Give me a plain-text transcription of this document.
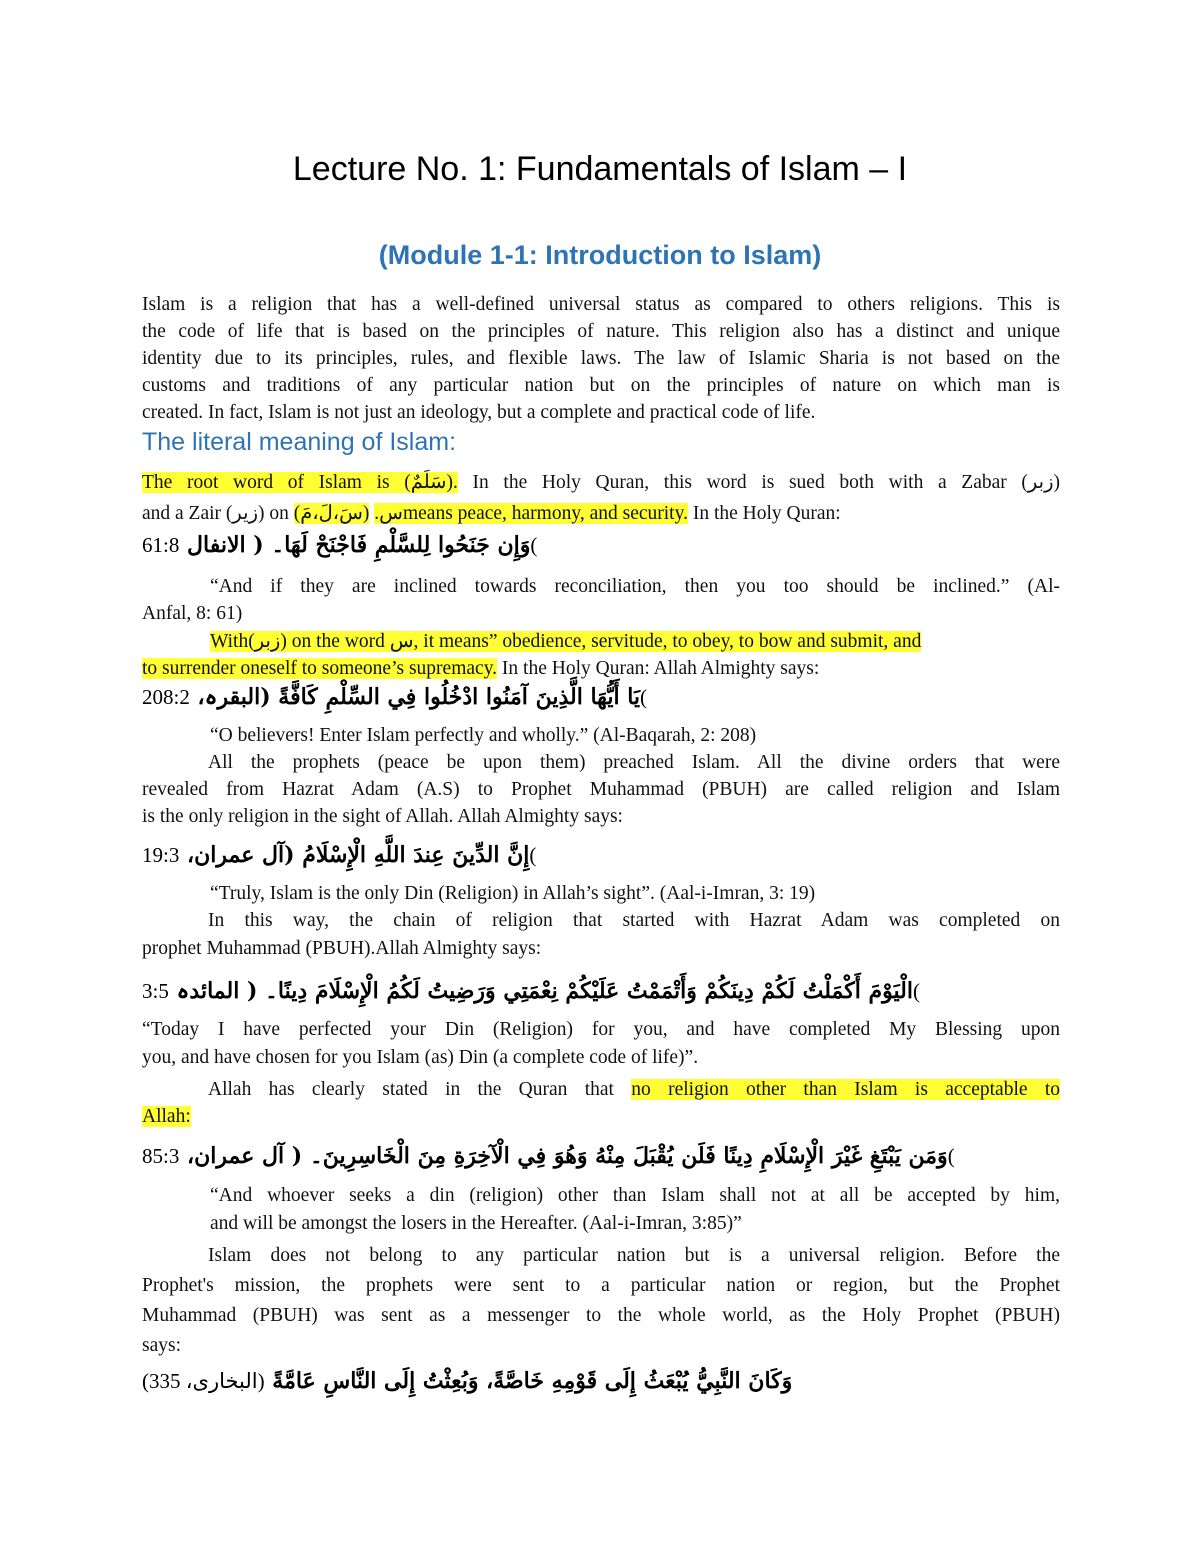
Lecture No. 1: Fundamentals of Islam – I
(Module 1-1: Introduction to Islam)

Islam is a religion that has a well-defined universal status as compared to others religions. This is

the code of life that is based on the principles of nature. This religion also has a distinct and unique

identity due to its principles, rules, and flexible laws. The law of Islamic Sharia is not based on the

customs and traditions of any particular nation but on the principles of nature on which man is

created. In fact, Islam is not just an ideology, but a complete and practical code of life.

The literal meaning of Islam:

The root word of Islam is (سَلَمٌ). In the Holy Quran, this word is sued both with a Zabar (زبر)

and a Zair (زیر) on	س. (سَ،لَ،مَ)means peace, harmony, and security. In the Holy Quran:

وَإِن جَنَحُوا لِلسَّلْمِ فَاجْنَحْ لَهَا۔ ( الانفال 61:8(

“And if they are inclined towards reconciliation, then you too should be inclined.” (Al-

Anfal, 8: 61)

With(زبر) on the word س, it means” obedience, servitude, to obey, to bow and submit, and

to surrender oneself to someone’s supremacy. In the Holy Quran: Allah Almighty says:

يَا أَيُّهَا الَّذِينَ آمَنُوا ادْخُلُوا فِي السِّلْمِ كَافَّةً (البقرہ، 208:2(

“O believers! Enter Islam perfectly and wholly.” (Al-Baqarah, 2: 208)

All the prophets (peace be upon them) preached Islam. All the divine orders that were

revealed from Hazrat Adam (A.S) to Prophet Muhammad (PBUH) are called religion and Islam

is the only religion in the sight of Allah. Allah Almighty says:

إِنَّ الدِّينَ عِندَ اللَّهِ الْإِسْلَامُ (آل عمران، 19:3(

“Truly, Islam is the only Din (Religion) in Allah’s sight”. (Aal-i-Imran, 3: 19)

In this way, the chain of religion that started with Hazrat Adam was completed on

prophet Muhammad (PBUH).Allah Almighty says:

الْيَوْمَ أَكْمَلْتُ لَكُمْ دِينَكُمْ وَأَتْمَمْتُ عَلَيْكُمْ نِعْمَتِي وَرَضِيتُ لَكُمُ الْإِسْلَامَ دِينًا۔ ( المائدہ 3:5(

“Today I have perfected your Din (Religion) for you, and have completed My Blessing upon

you, and have chosen for you Islam (as) Din (a complete code of life)”.

Allah has clearly stated in the Quran that no religion other than Islam is acceptable to

Allah:

وَمَن يَبْتَغِ غَيْرَ الْإِسْلَامِ دِينًا فَلَن يُقْبَلَ مِنْهُ وَهُوَ فِي الْآخِرَةِ مِنَ الْخَاسِرِينَ۔ ( آل عمران، 85:3(

“And whoever seeks a din (religion) other than Islam shall not at all be accepted by him,

and will be amongst the losers in the Hereafter. (Aal-i-Imran, 3:85)”

Islam does not belong to any particular nation but is a universal religion. Before the

Prophet's mission, the prophets were sent to a particular nation or region, but the Prophet

Muhammad (PBUH) was sent as a messenger to the whole world, as the Holy Prophet (PBUH)

says:

وَكَانَ النَّبِيُّ يُبْعَثُ إِلَى قَوْمِهِ خَاصَّةً، وَبُعِثْتُ إِلَى النَّاسِ عَامَّةً (البخاری، 335)
